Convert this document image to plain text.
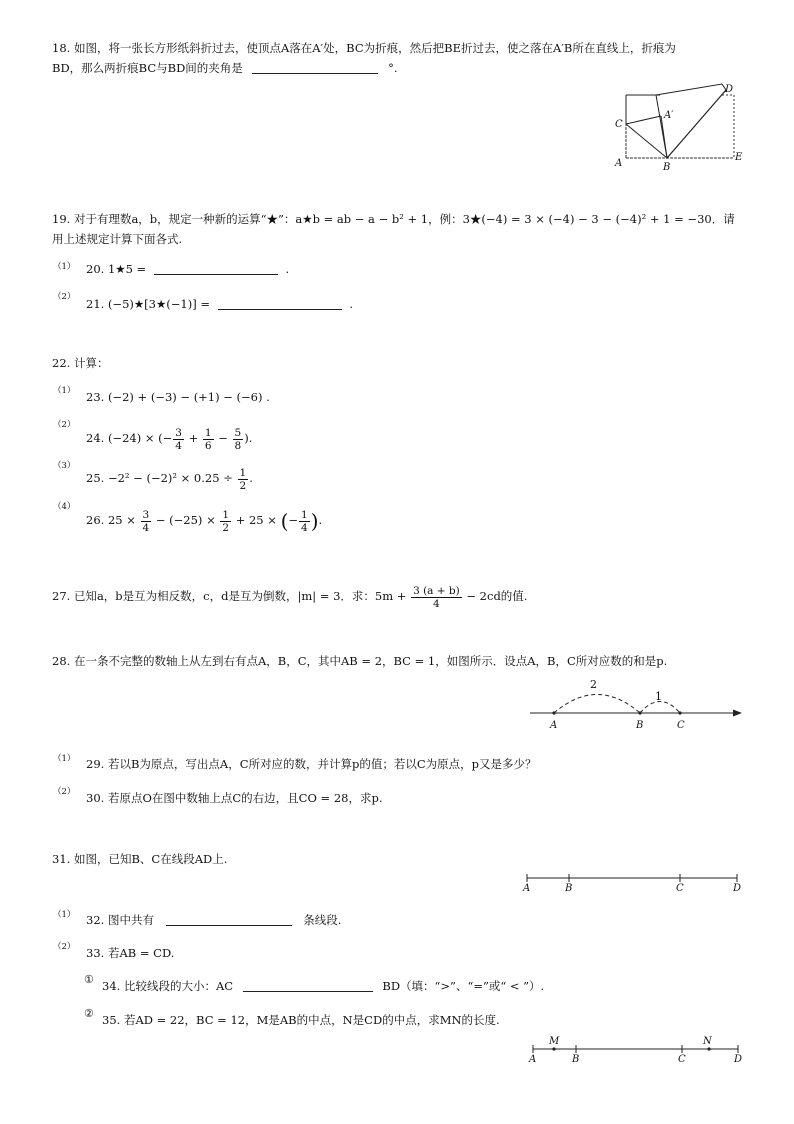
18. 如图，将一张长方形纸斜折过去，使顶点A落在A′处，BC为折痕，然后把BE折过去，使之落在A′B所在直线上，折痕为
BD，那么两折痕BC与BD间的夹角是	°.
A	B
C
D
E
A′
19. 对于有理数a，b，规定一种新的运算“★”：a★b = ab − a − b² + 1，例：3★(−4) = 3 × (−4) − 3 − (−4)² + 1 = −30．请
用上述规定计算下面各式.
（1） 20. 1★5 =	.
（2） 21. (−5)★[3★(−1)] =	.
22. 计算：
（1） 23. (−2) + (−3) − (+1) − (−6) .
（2）
24. (−24) × (− $\frac{3}{4} + \frac{1}{6} - \frac{5}{8}$ ).
（3）
25. $-2^2 - (-2)^2 \times 0.25 \div \frac{1}{2}$ .
（4）
26. $25 \times \frac{3}{4} - (-25) \times \frac{1}{2} + 25$ × (− $\frac{1}{4}$ ).
27. 已知a，b是互为相反数，c，d是互为倒数，|m| = 3．求：$5m + \frac{3 (a + b)}{4} - 2cd$的值.
28. 在一条不完整的数轴上从左到右有点A，B，C，其中AB = 2，BC = 1，如图所示．设点A，B，C所对应数的和是p.
A	B	C
2
1
（1） 29. 若以B为原点，写出点A，C所对应的数，并计算p的值；若以C为原点，p又是多少？
（2） 30. 若原点O在图中数轴上点C的右边，且CO = 28，求p.
31. 如图，已知B、C在线段AD上.
A	B	C	D
（1） 32. 图中共有	条线段.
（2） 33. 若AB = CD.
① 34. 比较线段的大小：AC	BD（填：“>”、“=”或“ < ”）.
② 35. 若AD = 22，BC = 12，M是AB的中点，N是CD的中点，求MN的长度.
A	B	C	D
M	N
